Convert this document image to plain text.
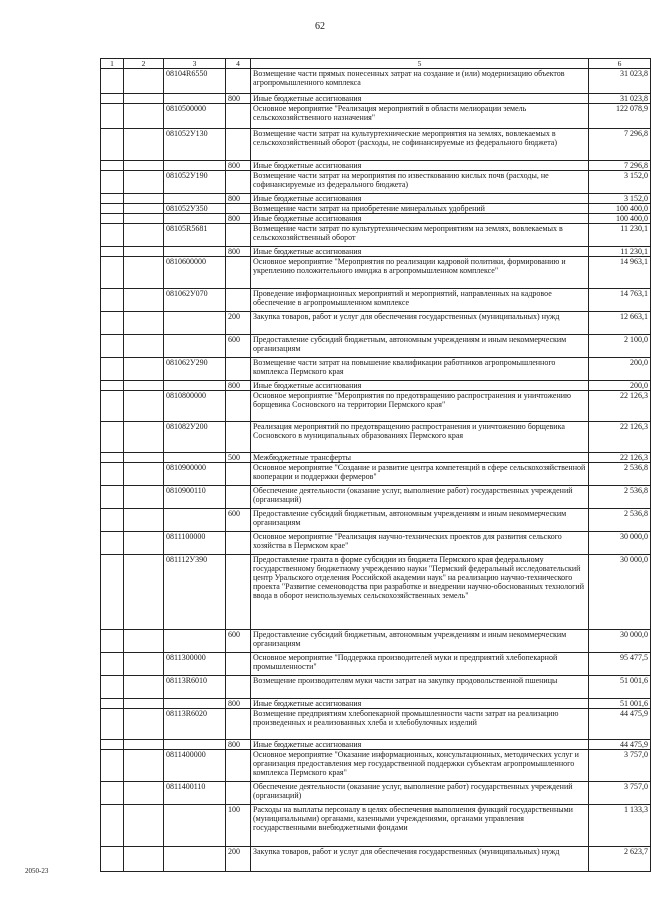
62
1	2	3	4	5	6
		08104R6550		Возмещение части прямых понесенных затрат на создание и (или) модернизацию объектов агропромышленного комплекса	31 023,8
			800	Иные бюджетные ассигнования	31 023,8
		0810500000		Основное мероприятие "Реализация мероприятий в области мелиорации земель сельскохозяйственного назначения"	122 078,9
		081052У130		Возмещение части затрат на культуртехнические мероприятия на землях, вовлекаемых в сельскохозяйственный оборот (расходы, не софинансируемые из федерального бюджета)	7 296,8
			800	Иные бюджетные ассигнования	7 296,8
		081052У190		Возмещение части затрат на мероприятия по известкованию кислых почв (расходы, не софинансируемые из федерального бюджета)	3 152,0
			800	Иные бюджетные ассигнования	3 152,0
		081052У350		Возмещение части затрат на приобретение минеральных удобрений	100 400,0
			800	Иные бюджетные ассигнования	100 400,0
		08105R5681		Возмещение части затрат по культуртехническим мероприятиям на землях, вовлекаемых в сельскохозяйственный оборот	11 230,1
			800	Иные бюджетные ассигнования	11 230,1
		0810600000		Основное мероприятие "Мероприятия по реализации кадровой политики, формированию и укреплению положительного имиджа в агропромышленном комплексе"	14 963,1
		081062У070		Проведение информационных мероприятий и мероприятий, направленных на кадровое обеспечение в агропромышленном комплексе	14 763,1
			200	Закупка товаров, работ и услуг для обеспечения государственных (муниципальных) нужд	12 663,1
			600	Предоставление субсидий бюджетным, автономным учреждениям и иным некоммерческим организациям	2 100,0
		081062У290		Возмещение части затрат на повышение квалификации работников агропромышленного комплекса Пермского края	200,0
			800	Иные бюджетные ассигнования	200,0
		0810800000		Основное мероприятие "Мероприятия по предотвращению распространения и уничтожению борщевика Сосновского на территории Пермского края"	22 126,3
		081082У200		Реализация мероприятий по предотвращению распространения и уничтожению борщевика Сосновского в муниципальных образованиях Пермского края	22 126,3
			500	Межбюджетные трансферты	22 126,3
		0810900000		Основное мероприятие "Создание и развитие центра компетенций в сфере сельскохозяйственной кооперации и поддержки фермеров"	2 536,8
		0810900110		Обеспечение деятельности (оказание услуг, выполнение работ) государственных учреждений (организаций)	2 536,8
			600	Предоставление субсидий бюджетным, автономным учреждениям и иным некоммерческим организациям	2 536,8
		0811100000		Основное мероприятие "Реализация научно-технических проектов для развития сельского хозяйства в Пермском крае"	30 000,0
		081112У390		Предоставление гранта в форме субсидии из бюджета Пермского края федеральному государственному бюджетному учреждению науки "Пермский федеральный исследовательский центр Уральского отделения Российской академии наук" на реализацию научно-технического проекта "Развитие семеноводства при разработке и внедрении научно-обоснованных технологий ввода в оборот неиспользуемых сельскохозяйственных земель"	30 000,0
			600	Предоставление субсидий бюджетным, автономным учреждениям и иным некоммерческим организациям	30 000,0
		0811300000		Основное мероприятие "Поддержка производителей муки и предприятий хлебопекарной промышленности"	95 477,5
		08113R6010		Возмещение производителям муки части затрат на закупку продовольственной пшеницы	51 001,6
			800	Иные бюджетные ассигнования	51 001,6
		08113R6020		Возмещение предприятиям хлебопекарной промышленности части затрат на реализацию произведенных и реализованных хлеба и хлебобулочных изделий	44 475,9
			800	Иные бюджетные ассигнования	44 475,9
		0811400000		Основное мероприятие "Оказание информационных, консультационных, методических услуг и организация предоставления мер государственной поддержки субъектам агропромышленного комплекса Пермского края"	3 757,0
		0811400110		Обеспечение деятельности (оказание услуг, выполнение работ) государственных учреждений (организаций)	3 757,0
			100	Расходы на выплаты персоналу в целях обеспечения выполнения функций государственными (муниципальными) органами, казенными учреждениями, органами управления государственными внебюджетными фондами	1 133,3
			200	Закупка товаров, работ и услуг для обеспечения государственных (муниципальных) нужд	2 623,7
2050-23
